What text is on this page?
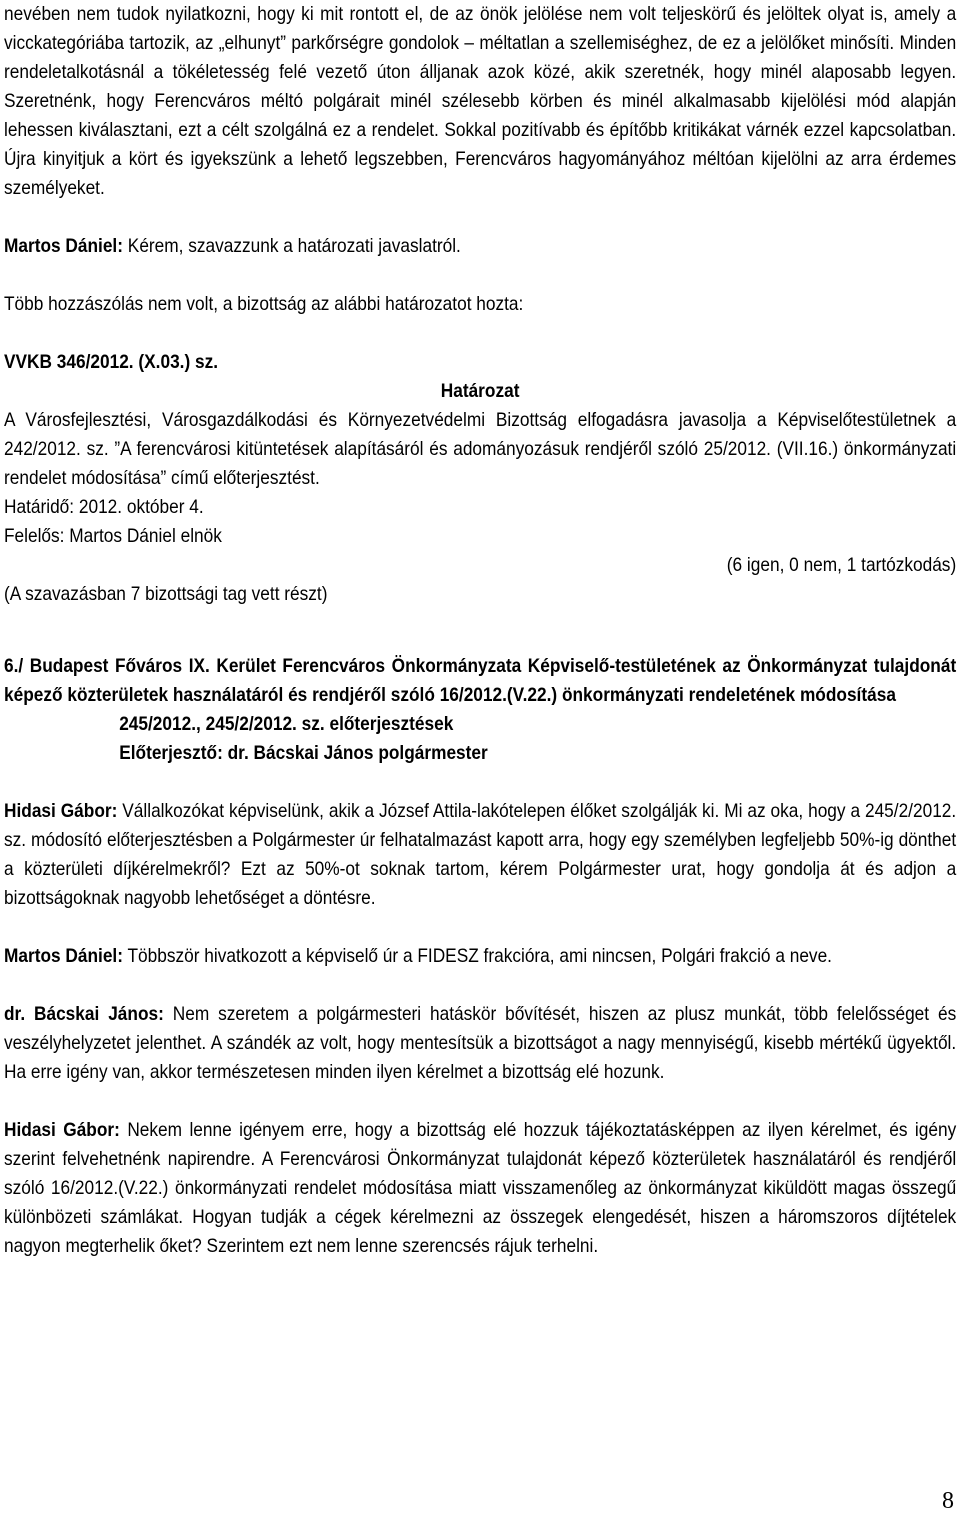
nevében nem tudok nyilatkozni, hogy ki mit rontott el, de az önök jelölése nem volt teljeskörű és jelöltek olyat is, amely a vicckategóriába tartozik, az „elhunyt” parkőrségre gondolok – méltatlan a szellemiséghez, de ez a jelölőket minősíti. Minden rendeletalkotásnál a tökéletesség felé vezető úton álljanak azok közé, akik szeretnék, hogy minél alaposabb legyen. Szeretnénk, hogy Ferencváros méltó polgárait minél szélesebb körben és minél alkalmasabb kijelölési mód alapján lehessen kiválasztani, ezt a célt szolgálná ez a rendelet. Sokkal pozitívabb és építőbb kritikákat várnék ezzel kapcsolatban. Újra kinyitjuk a kört és igyekszünk a lehető legszebben, Ferencváros hagyományához méltóan kijelölni az arra érdemes személyeket.

Martos Dániel: Kérem, szavazzunk a határozati javaslatról.

Több hozzászólás nem volt, a bizottság az alábbi határozatot hozta:

VVKB 346/2012. (X.03.) sz.

Határozat

A Városfejlesztési, Városgazdálkodási és Környezetvédelmi Bizottság elfogadásra javasolja a Képviselőtestületnek a 242/2012. sz. ”A ferencvárosi kitüntetések alapításáról és adományozásuk rendjéről szóló 25/2012. (VII.16.) önkormányzati rendelet módosítása” című előterjesztést.

Határidő: 2012. október 4.

Felelős: Martos Dániel elnök

(6 igen, 0 nem, 1 tartózkodás)

(A szavazásban 7 bizottsági tag vett részt)

6./ Budapest Főváros IX. Kerület Ferencváros Önkormányzata Képviselő-testületének az Önkormányzat tulajdonát képező közterületek használatáról és rendjéről szóló 16/2012.(V.22.) önkormányzati rendeletének módosítása

245/2012., 245/2/2012. sz. előterjesztések

Előterjesztő: dr. Bácskai János polgármester

Hidasi Gábor: Vállalkozókat képviselünk, akik a József Attila-lakótelepen élőket szolgálják ki. Mi az oka, hogy a 245/2/2012. sz. módosító előterjesztésben a Polgármester úr felhatalmazást kapott arra, hogy egy személyben legfeljebb 50%-ig dönthet a közterületi díjkérelmekről? Ezt az 50%-ot soknak tartom, kérem Polgármester urat, hogy gondolja át és adjon a bizottságoknak nagyobb lehetőséget a döntésre.

Martos Dániel: Többször hivatkozott a képviselő úr a FIDESZ frakcióra, ami nincsen, Polgári frakció a neve.

dr. Bácskai János: Nem szeretem a polgármesteri hatáskör bővítését, hiszen az plusz munkát, több felelősséget és veszélyhelyzetet jelenthet. A szándék az volt, hogy mentesítsük a bizottságot a nagy mennyiségű, kisebb mértékű ügyektől. Ha erre igény van, akkor természetesen minden ilyen kérelmet a bizottság elé hozunk.

Hidasi Gábor: Nekem lenne igényem erre, hogy a bizottság elé hozzuk tájékoztatásképpen az ilyen kérelmet, és igény szerint felvehetnénk napirendre. A Ferencvárosi Önkormányzat tulajdonát képező közterületek használatáról és rendjéről szóló 16/2012.(V.22.) önkormányzati rendelet módosítása miatt visszamenőleg az önkormányzat kiküldött magas összegű különbözeti számlákat. Hogyan tudják a cégek kérelmezni az összegek elengedését, hiszen a háromszoros díjtételek nagyon megterhelik őket? Szerintem ezt nem lenne szerencsés rájuk terhelni.

8
